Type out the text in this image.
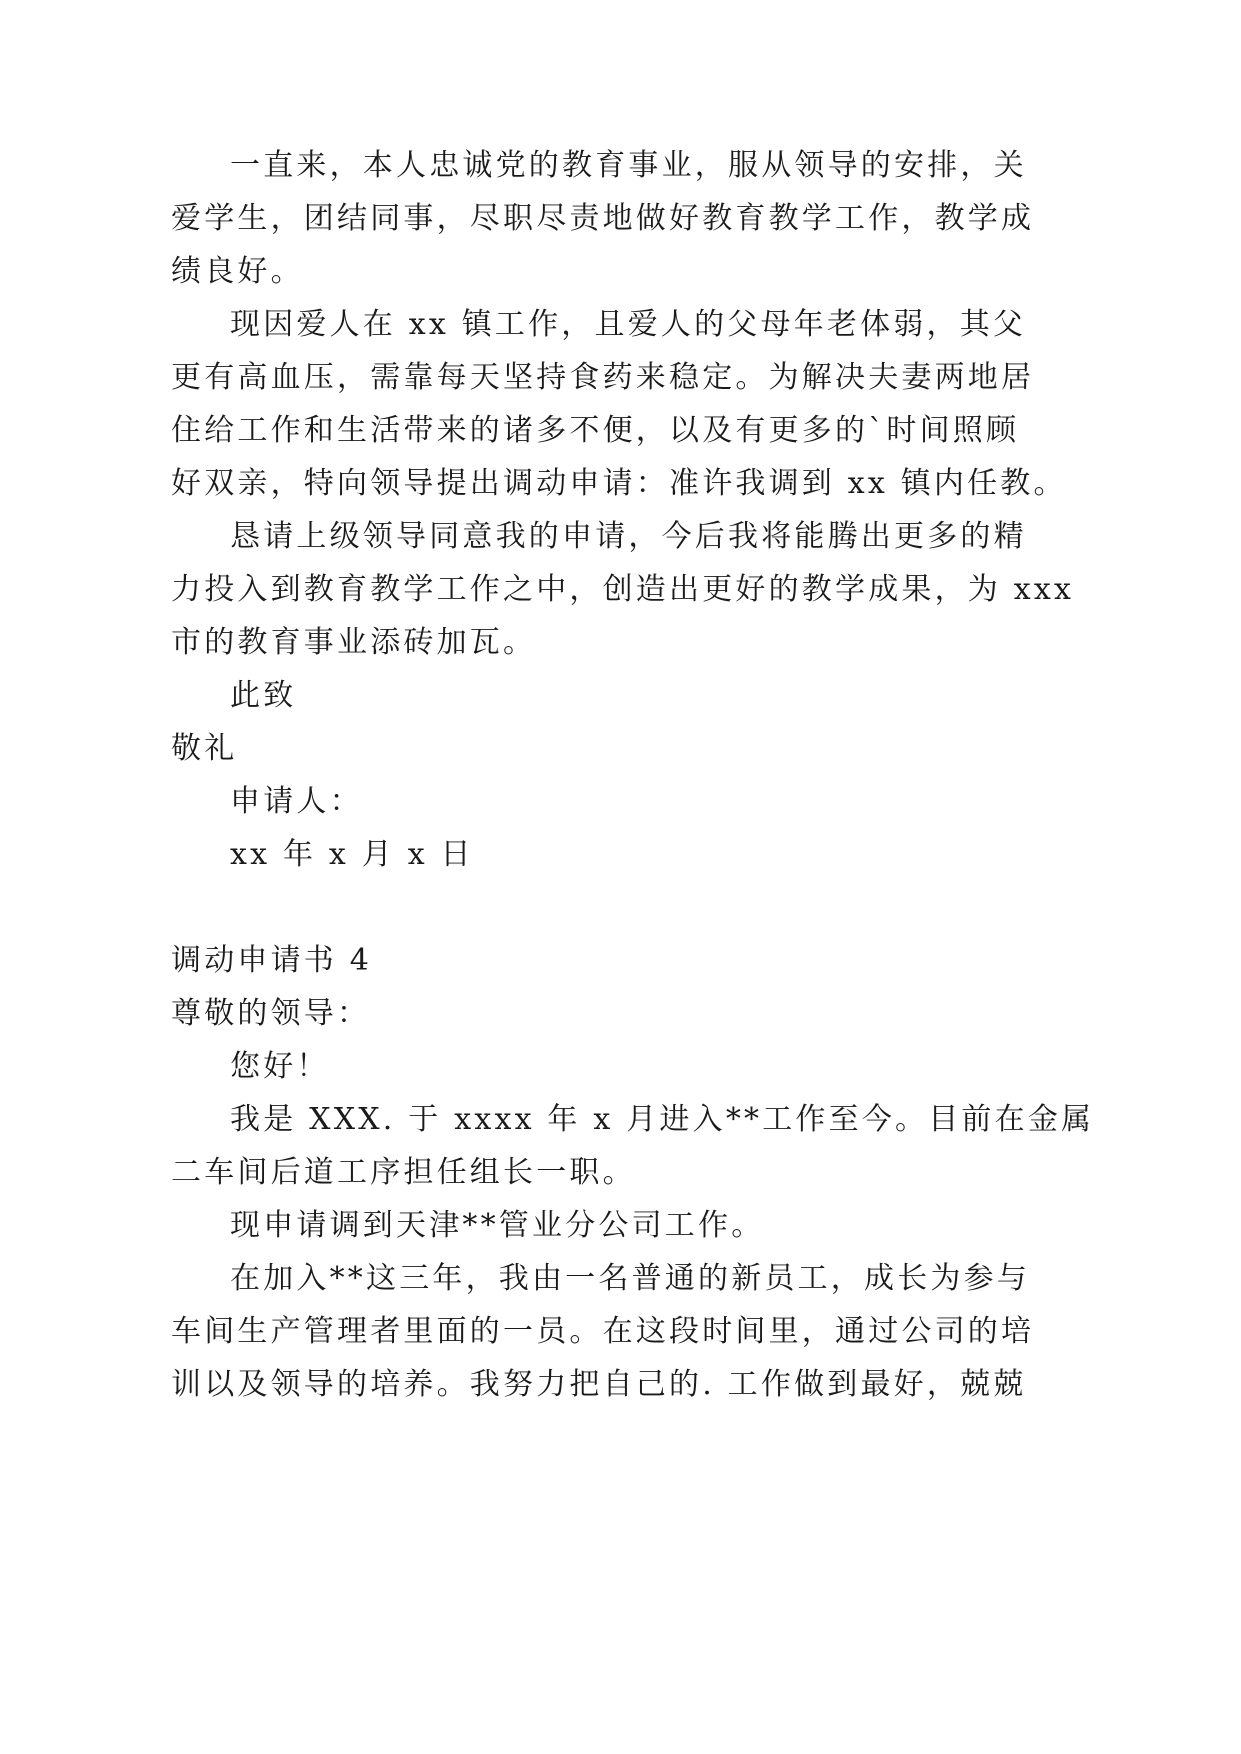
一直来，本人忠诚党的教育事业，服从领导的安排，关
爱学生，团结同事，尽职尽责地做好教育教学工作，教学成
绩良好。
现因爱人在 xx 镇工作，且爱人的父母年老体弱，其父
更有高血压，需靠每天坚持食药来稳定。为解决夫妻两地居
住给工作和生活带来的诸多不便，以及有更多的`时间照顾
好双亲，特向领导提出调动申请：准许我调到 xx 镇内任教。
恳请上级领导同意我的申请，今后我将能腾出更多的精
力投入到教育教学工作之中，创造出更好的教学成果，为 xxx
市的教育事业添砖加瓦。
此致
敬礼
申请人：
xx 年 x 月 x 日
调动申请书 4
尊敬的领导：
您好！
我是 XXX. 于 xxxx 年 x 月进入**工作至今。目前在金属
二车间后道工序担任组长一职。
现申请调到天津**管业分公司工作。
在加入**这三年，我由一名普通的新员工，成长为参与
车间生产管理者里面的一员。在这段时间里，通过公司的培
训以及领导的培养。我努力把自己的. 工作做到最好，兢兢
